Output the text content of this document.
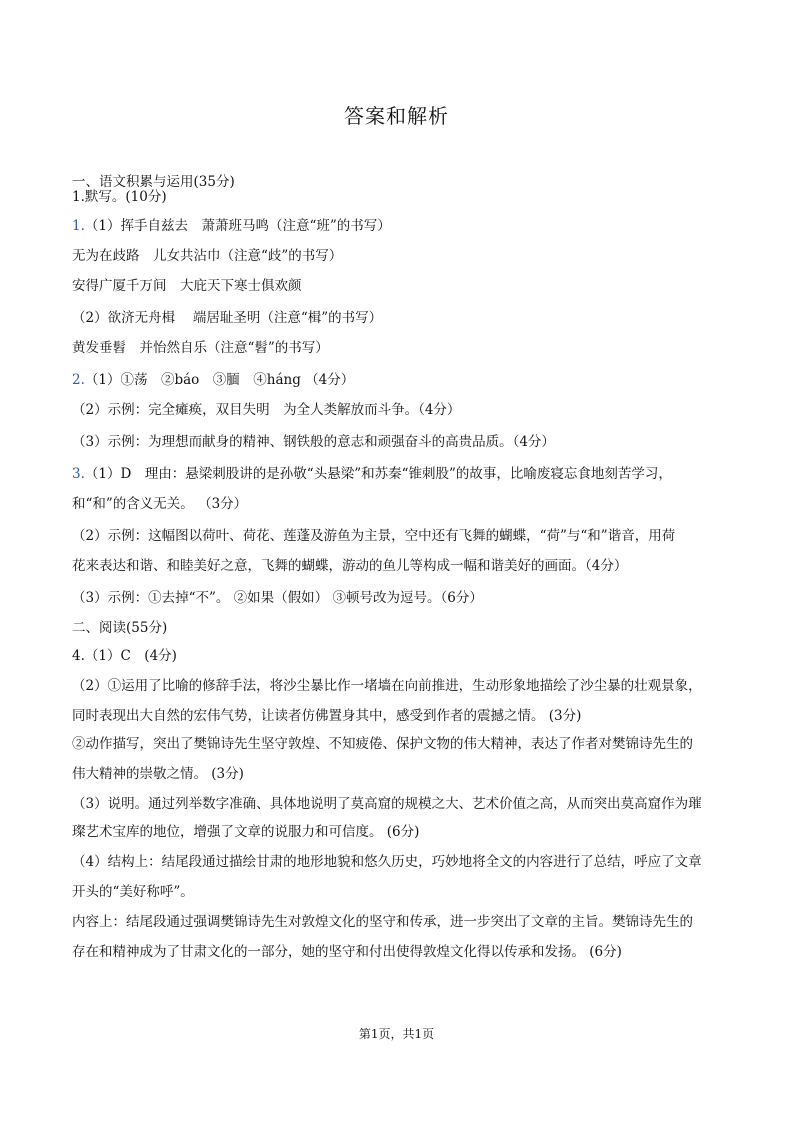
答案和解析
一、语文积累与运用(35分)
1.默写。(10分)
1.（1）挥手自兹去　萧萧班马鸣（注意“班”的书写）
无为在歧路　儿女共沾巾（注意“歧”的书写）
安得广厦千万间　大庇天下寒士俱欢颜
（2）欲济无舟楫　 端居耻圣明（注意“楫”的书写）
黄发垂髫　并怡然自乐（注意“髫”的书写）
2.（1）①荡　②báo　③腼　④háng （4分）
（2）示例：完全瘫痪，双目失明　为全人类解放而斗争。（4分）
（3）示例：为理想而献身的精神、钢铁般的意志和顽强奋斗的高贵品质。（4分）
3.（1）D　理由：悬梁刺股讲的是孙敬“头悬梁”和苏秦“锥刺股”的故事，比喻废寝忘食地刻苦学习，
和“和”的含义无关。 （3分）
（2）示例：这幅图以荷叶、荷花、莲蓬及游鱼为主景，空中还有飞舞的蝴蝶，“荷”与“和”谐音，用荷
花来表达和谐、和睦美好之意，飞舞的蝴蝶，游动的鱼儿等构成一幅和谐美好的画面。（4分）
（3）示例：①去掉“不”。 ②如果（假如） ③顿号改为逗号。（6分）
二、阅读(55分)
4.（1）C　(4分)
（2）①运用了比喻的修辞手法，将沙尘暴比作一堵墙在向前推进，生动形象地描绘了沙尘暴的壮观景象，
同时表现出大自然的宏伟气势，让读者仿佛置身其中，感受到作者的震撼之情。 (3分)
②动作描写，突出了樊锦诗先生坚守敦煌、不知疲倦、保护文物的伟大精神，表达了作者对樊锦诗先生的
伟大精神的崇敬之情。 (3分)
（3）说明。通过列举数字准确、具体地说明了莫高窟的规模之大、艺术价值之高，从而突出莫高窟作为璀
璨艺术宝库的地位，增强了文章的说服力和可信度。 (6分)
（4）结构上：结尾段通过描绘甘肃的地形地貌和悠久历史，巧妙地将全文的内容进行了总结，呼应了文章
开头的“美好称呼”。
内容上：结尾段通过强调樊锦诗先生对敦煌文化的坚守和传承，进一步突出了文章的主旨。樊锦诗先生的
存在和精神成为了甘肃文化的一部分，她的坚守和付出使得敦煌文化得以传承和发扬。 (6分)
第1页，共1页
